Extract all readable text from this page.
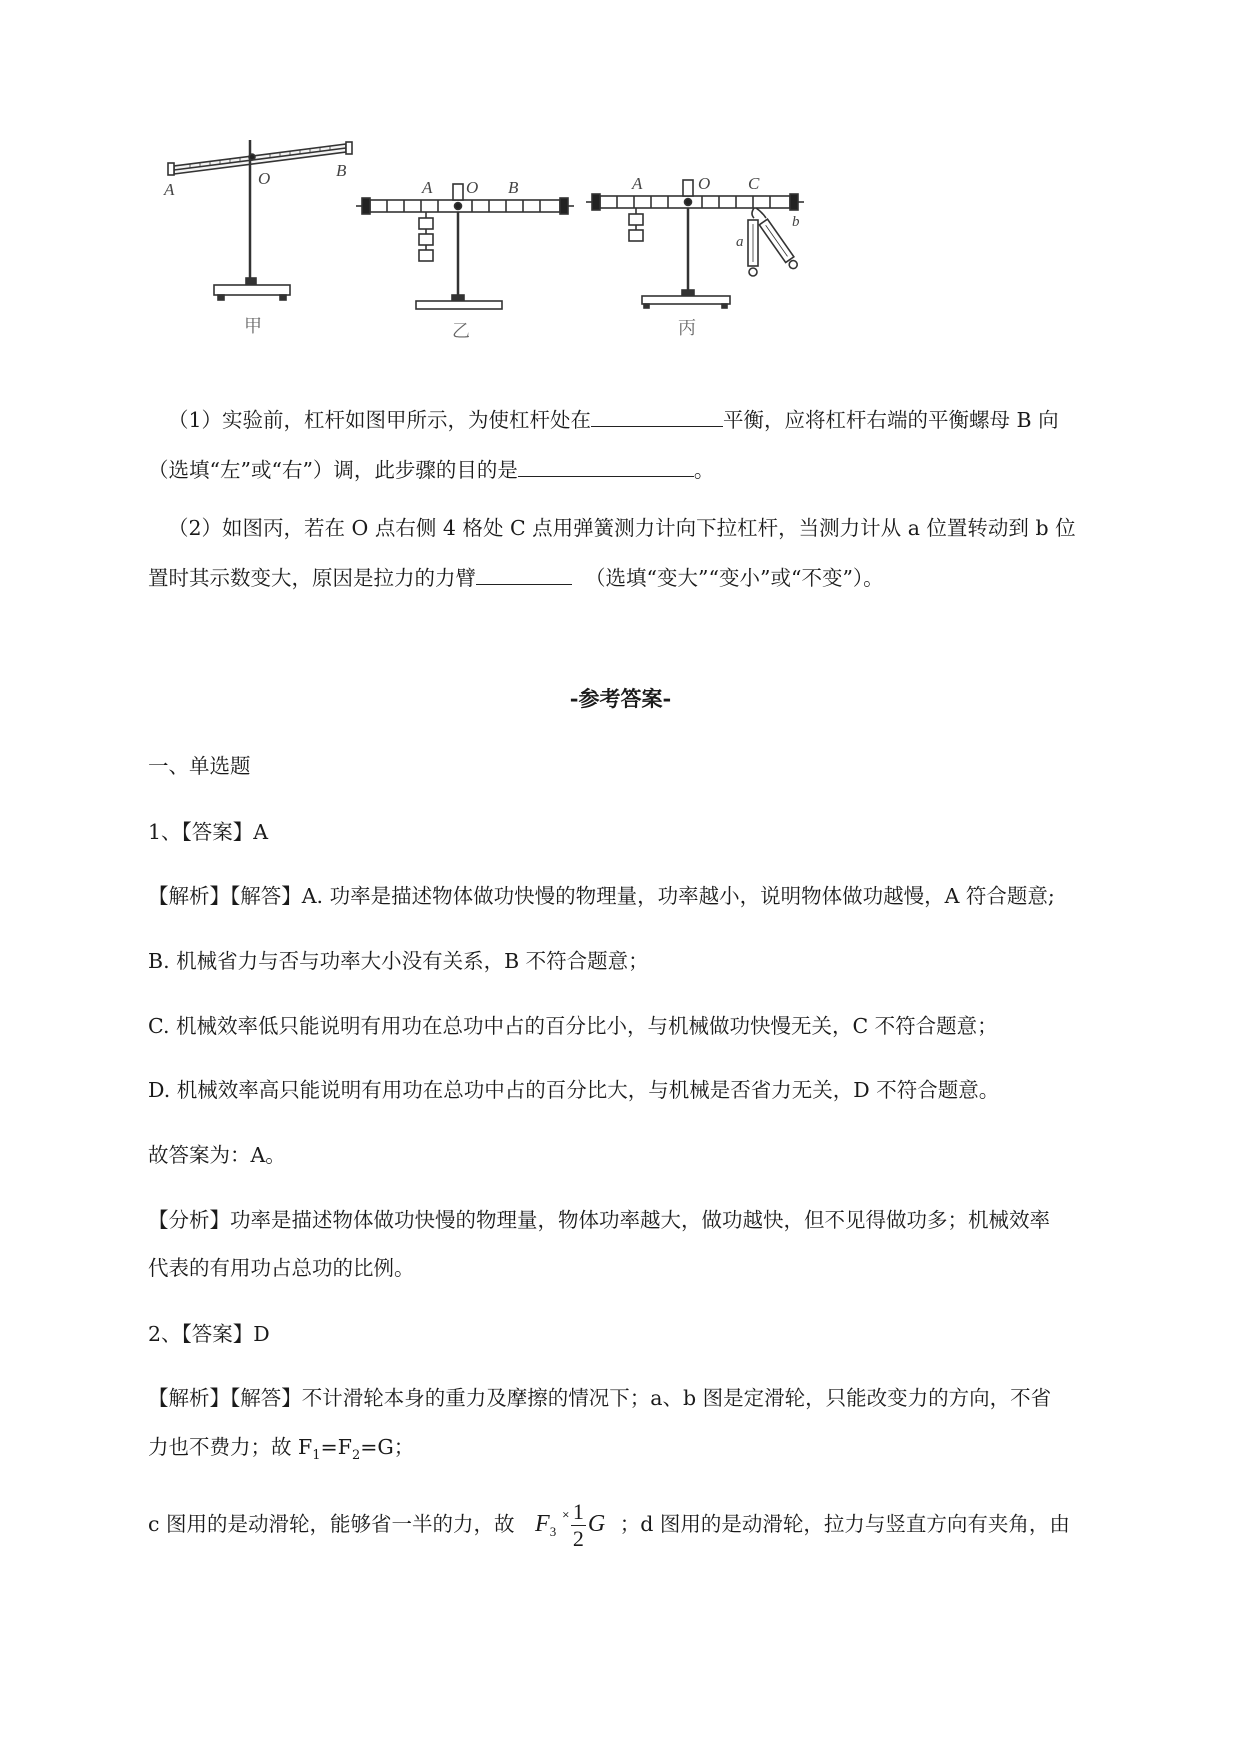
A
O	B
A O B	A	O C
a
b
甲	乙	丙
（1）实验前，杠杆如图甲所示，为使杠杆处在	平衡，应将杠杆右端的平衡螺母 B 向
（选填“左”或“右”）调，此步骤的目的是	。
（2）如图丙，若在 O 点右侧 4 格处 C 点用弹簧测力计向下拉杠杆，当测力计从 a 位置转动到 b 位
置时其示数变大，原因是拉力的力臂	（选填“变大”“变小”或“不变”）。
-参考答案-
一、单选题
1、【答案】A
【解析】【解答】A. 功率是描述物体做功快慢的物理量，功率越小，说明物体做功越慢，A 符合题意;
B. 机械省力与否与功率大小没有关系，B 不符合题意；
C. 机械效率低只能说明有用功在总功中占的百分比小，与机械做功快慢无关，C 不符合题意；
D. 机械效率高只能说明有用功在总功中占的百分比大，与机械是否省力无关，D 不符合题意。
故答案为：A。
【分析】功率是描述物体做功快慢的物理量，物体功率越大，做功越快，但不见得做功多；机械效率
代表的有用功占总功的比例。
2、【答案】D
【解析】【解答】不计滑轮本身的重力及摩擦的情况下；a、b 图是定滑轮，只能改变力的方向，不省
力也不费力；故 $F_1=F_2=G$；
c 图用的是动滑轮，能够省一半的力，故 $F_3$ $^˟ \frac{1}{2}$ G ；d 图用的是动滑轮，拉力与竖直方向有夹角，由
